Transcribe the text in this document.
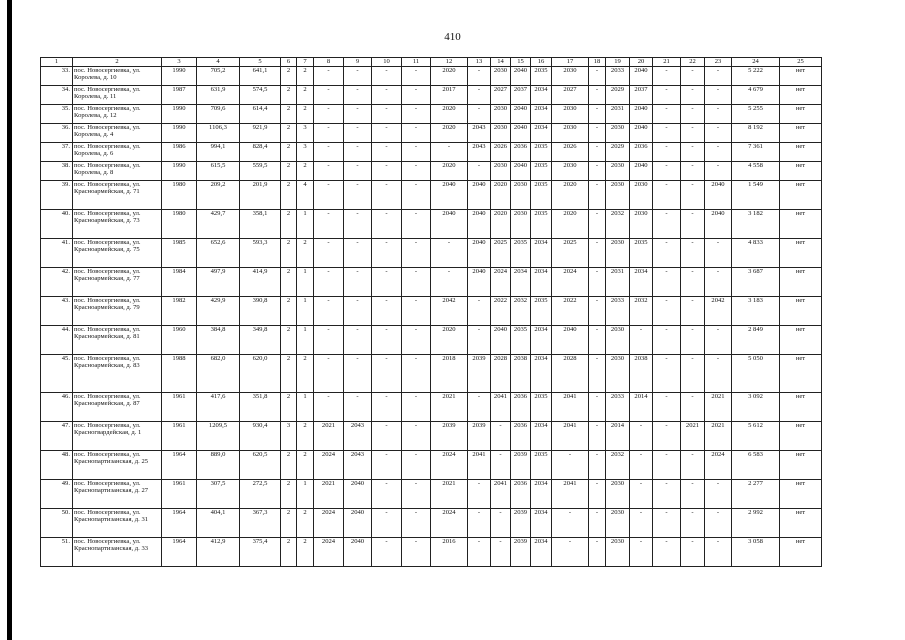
410
1	2	3	4	5	6	7	8	9	10	11	12	13	14	15	16	17	18	19	20	21	22	23	24	25
33.	пос. Новосергиевка, ул. Королева, д. 10	1990	705,2	641,1	2	2	-	-	-	-	2020	-	2030	2040	2035	2030	-	2033	2040	-	-	-	5 222	нет
34.	пос. Новосергиевка, ул. Королева, д. 11	1987	631,9	574,5	2	2	-	-	-	-	2017	-	2027	2037	2034	2027	-	2029	2037	-	-	-	4 679	нет
35.	пос. Новосергиевка, ул. Королева, д. 12	1990	709,6	614,4	2	2	-	-	-	-	2020	-	2030	2040	2034	2030	-	2031	2040	-	-	-	5 255	нет
36.	пос. Новосергиевка, ул. Королева, д. 4	1990	1106,3	921,9	2	3	-	-	-	-	2020	2043	2030	2040	2034	2030	-	2030	2040	-	-	-	8 192	нет
37.	пос. Новосергиевка, ул. Королева, д. 6	1986	994,1	828,4	2	3	-	-	-	-	-	2043	2026	2036	2035	2026	-	2029	2036	-	-	-	7 361	нет
38.	пос. Новосергиевка, ул. Королева, д. 8	1990	615,5	559,5	2	2	-	-	-	-	2020	-	2030	2040	2035	2030	-	2030	2040	-	-	-	4 558	нет
39.	пос. Новосергиевка, ул. Красноармейская, д. 71	1980	209,2	201,9	2	4	-	-	-	-	2040	2040	2020	2030	2035	2020	-	2030	2030	-	-	2040	1 549	нет
40.	пос. Новосергиевка, ул. Красноармейская, д. 73	1980	429,7	358,1	2	1	-	-	-	-	2040	2040	2020	2030	2035	2020	-	2032	2030	-	-	2040	3 182	нет
41.	пос. Новосергиевка, ул. Красноармейская, д. 75	1985	652,6	593,3	2	2	-	-	-	-	-	2040	2025	2035	2034	2025	-	2030	2035	-	-	-	4 833	нет
42.	пос. Новосергиевка, ул. Красноармейская, д. 77	1984	497,9	414,9	2	1	-	-	-	-	-	2040	2024	2034	2034	2024	-	2031	2034	-	-	-	3 687	нет
43.	пос. Новосергиевка, ул. Красноармейская, д. 79	1982	429,9	390,8	2	1	-	-	-	-	2042	-	2022	2032	2035	2022	-	2033	2032	-	-	2042	3 183	нет
44.	пос. Новосергиевка, ул. Красноармейская, д. 81	1960	384,8	349,8	2	1	-	-	-	-	2020	-	2040	2035	2034	2040	-	2030	-	-	-	-	2 849	нет
45.	пос. Новосергиевка, ул. Красноармейская, д. 83	1988	682,0	620,0	2	2	-	-	-	-	2018	2039	2028	2038	2034	2028	-	2030	2038	-	-	-	5 050	нет
46.	пос. Новосергиевка, ул. Красноармейская, д. 87	1961	417,6	351,8	2	1	-	-	-	-	2021	-	2041	2036	2035	2041	-	2033	2014	-	-	2021	3 092	нет
47.	пос. Новосергиевка, ул. Красногвардейская, д. 1	1961	1209,5	930,4	3	2	2021	2043	-	-	2039	2039	-	2036	2034	2041	-	2014	-	-	2021	2021	5 612	нет
48.	пос. Новосергиевка, ул. Краснопартизанская, д. 25	1964	889,0	620,5	2	2	2024	2043	-	-	2024	2041	-	2039	2035	-	-	2032	-	-	-	2024	6 583	нет
49.	пос. Новосергиевка, ул. Краснопартизанская, д. 27	1961	307,5	272,5	2	1	2021	2040	-	-	2021	-	2041	2036	2034	2041	-	2030	-	-	-	-	2 277	нет
50.	пос. Новосергиевка, ул. Краснопартизанская, д. 31	1964	404,1	367,3	2	2	2024	2040	-	-	2024	-	-	2039	2034	-	-	2030	-	-	-	-	2 992	нет
51.	пос. Новосергиевка, ул. Краснопартизанская, д. 33	1964	412,9	375,4	2	2	2024	2040	-	-	2016	-	-	2039	2034	-	-	2030	-	-	-	-	3 058	нет
